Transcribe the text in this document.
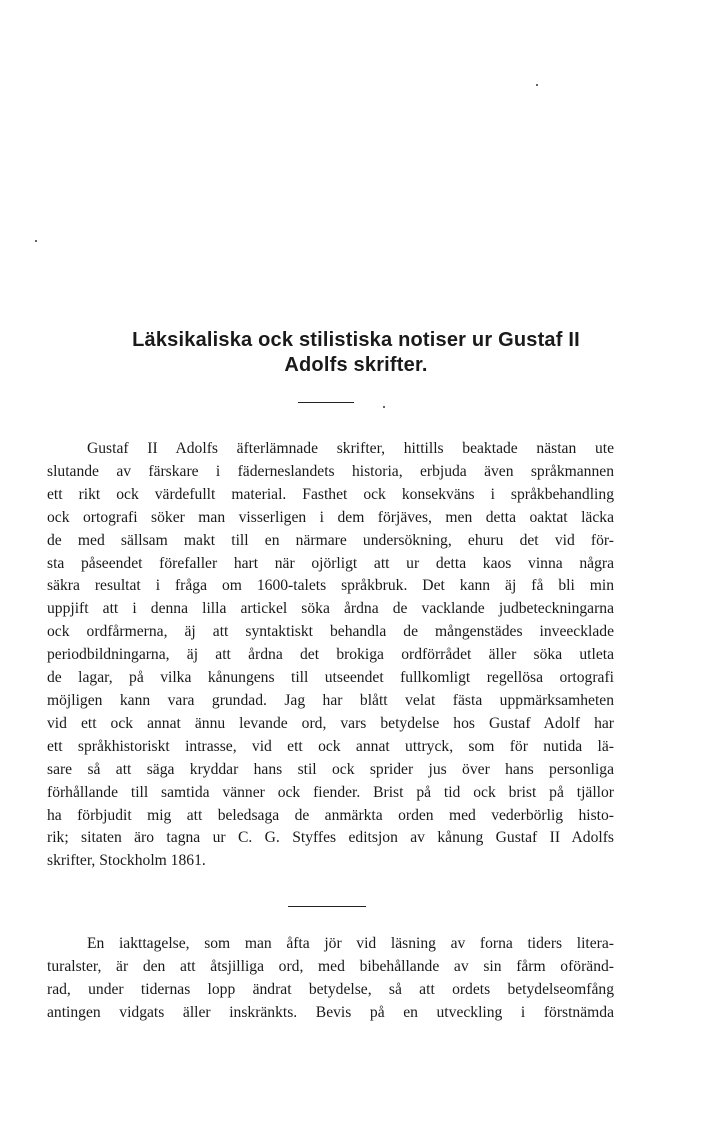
Läksikaliska ock stilistiska notiser ur Gustaf II
Adolfs skrifter.
Gustaf II Adolfs äfterlämnade skrifter, hittills beaktade nästan ute
slutande av färskare i fäderneslandets historia, erbjuda även språkmannen
ett rikt ock värdefullt material. Fasthet ock konsekväns i språkbehandling
ock ortografi söker man visserligen i dem förjäves, men detta oaktat läcka
de med sällsam makt till en närmare undersökning, ehuru det vid för-
sta påseendet förefaller hart när ojörligt att ur detta kaos vinna några
säkra resultat i fråga om 1600-talets språkbruk. Det kann äj få bli min
uppjift att i denna lilla artickel söka årdna de vacklande judbeteckningarna
ock ordfårmerna, äj att syntaktiskt behandla de mångenstädes inveecklade
periodbildningarna, äj att årdna det brokiga ordförrådet äller söka utleta
de lagar, på vilka kånungens till utseendet fullkomligt regellösa ortografi
möjligen kann vara grundad. Jag har blått velat fästa uppmärksamheten
vid ett ock annat ännu levande ord, vars betydelse hos Gustaf Adolf har
ett språkhistoriskt intrasse, vid ett ock annat uttryck, som för nutida lä-
sare så att säga kryddar hans stil ock sprider jus över hans personliga
förhållande till samtida vänner ock fiender. Brist på tid ock brist på tjällor
ha förbjudit mig att beledsaga de anmärkta orden med vederbörlig histo-
rik; sitaten äro tagna ur C. G. Styffes editsjon av kånung Gustaf II Adolfs
skrifter, Stockholm 1861.
En iakttagelse, som man åfta jör vid läsning av forna tiders litera-
turalster, är den att åtsjilliga ord, med bibehållande av sin fårm oföränd-
rad, under tidernas lopp ändrat betydelse, så att ordets betydelseomfång
antingen vidgats äller inskränkts. Bevis på en utveckling i förstnämda
